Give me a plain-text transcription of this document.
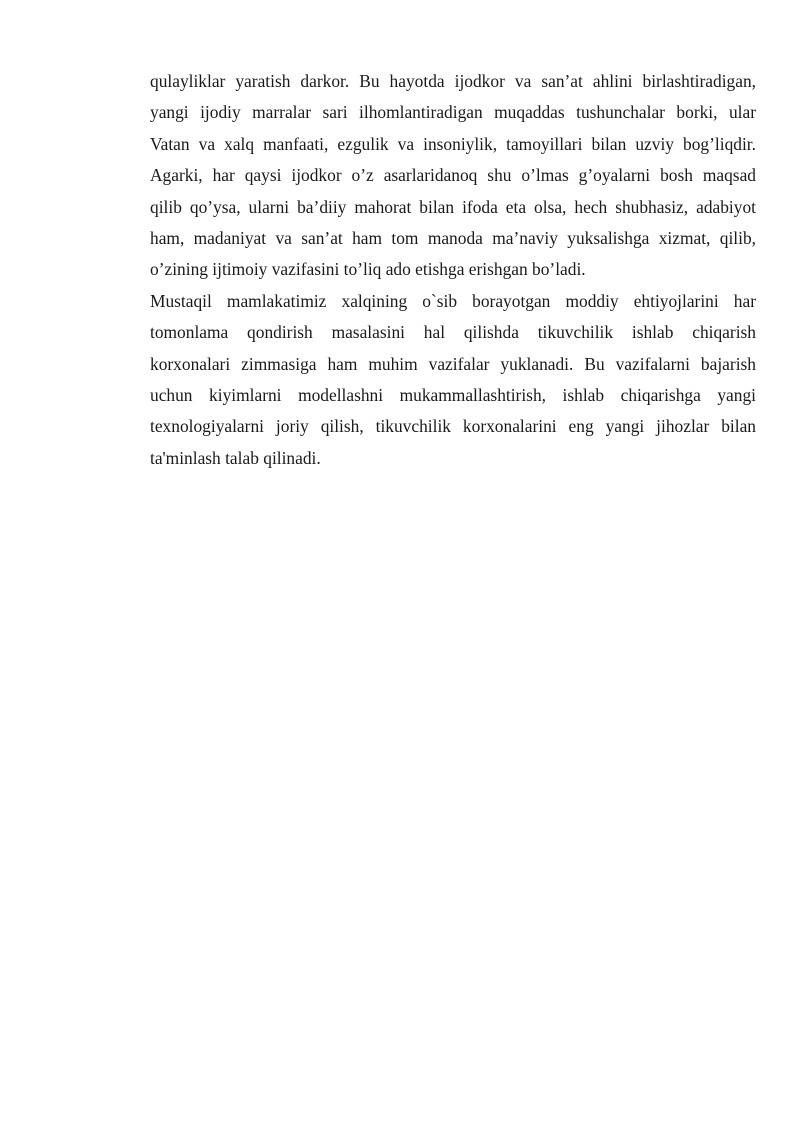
qulayliklar yaratish darkor. Bu hayotda ijodkor va san’at ahlini birlashtiradigan,
yangi ijodiy marralar sari ilhomlantiradigan muqaddas tushunchalar borki, ular
Vatan va xalq manfaati, ezgulik va insoniylik, tamoyillari bilan uzviy bog’liqdir.
Agarki, har qaysi ijodkor o’z asarlaridanoq shu o’lmas g’oyalarni bosh maqsad
qilib qo’ysa, ularni ba’diiy mahorat bilan ifoda eta olsa, hech shubhasiz, adabiyot
ham, madaniyat va san’at ham tom manoda ma’naviy yuksalishga xizmat, qilib,
o’zining ijtimoiy vazifasini to’liq ado etishga erishgan bo’ladi.
Mustaqil mamlakatimiz xalqining o`sib borayotgan moddiy ehtiyojlarini har
tomonlama qondirish masalasini hal qilishda tikuvchilik ishlab chiqarish
korxonalari zimmasiga ham muhim vazifalar yuklanadi. Bu vazifalarni bajarish
uchun kiyimlarni modellashni mukammallashtirish, ishlab chiqarishga yangi
texnologiyalarni joriy qilish, tikuvchilik korxonalarini eng yangi jihozlar bilan
ta'minlash talab qilinadi.
